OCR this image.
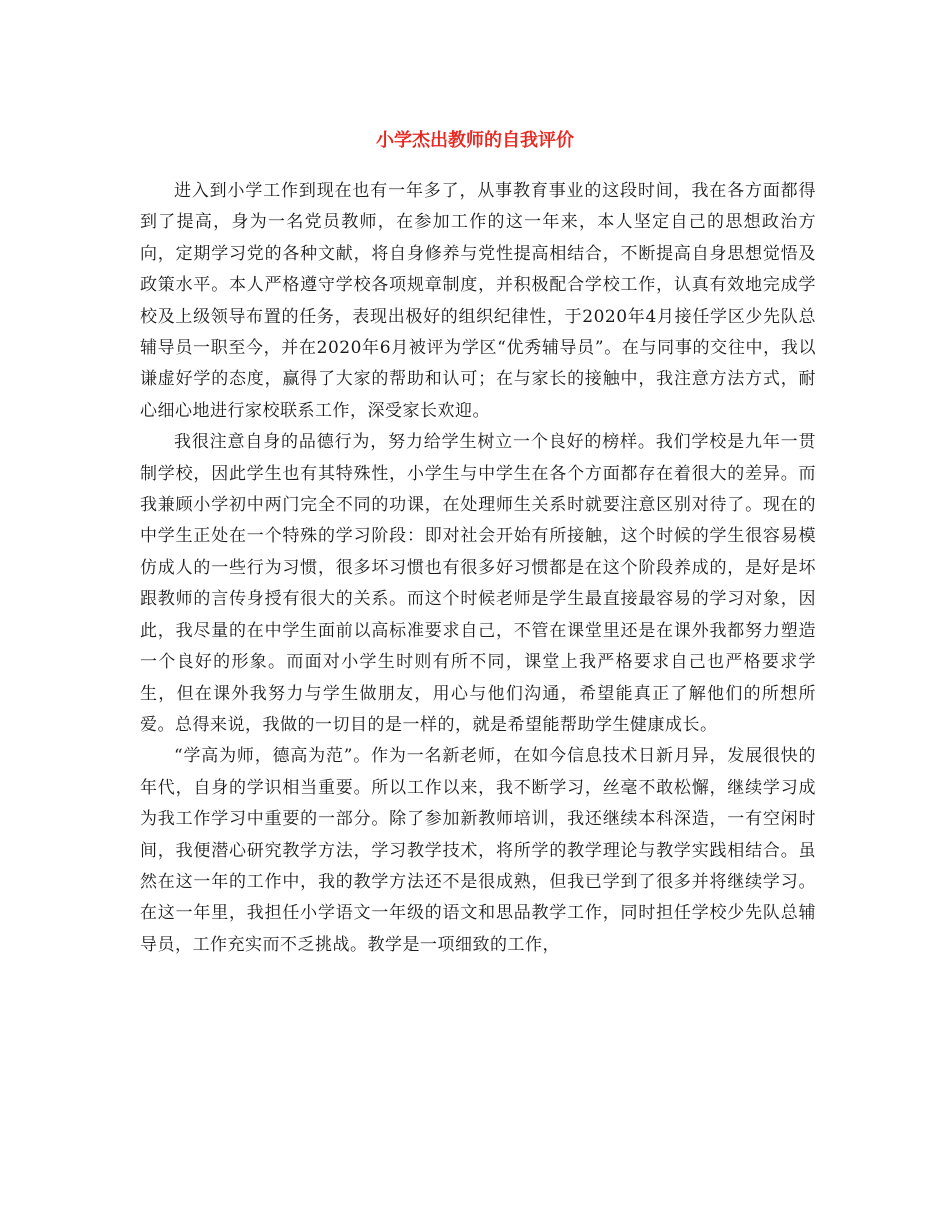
小学杰出教师的自我评价

进入到小学工作到现在也有一年多了，从事教育事业的这段时间，我在各方面都得到了提高，身为一名党员教师，在参加工作的这一年来，本人坚定自己的思想政治方向，定期学习党的各种文献，将自身修养与党性提高相结合，不断提高自身思想觉悟及政策水平。本人严格遵守学校各项规章制度，并积极配合学校工作，认真有效地完成学校及上级领导布置的任务，表现出极好的组织纪律性，于2020年4月接任学区少先队总辅导员一职至今，并在2020年6月被评为学区“优秀辅导员”。在与同事的交往中，我以谦虚好学的态度，赢得了大家的帮助和认可；在与家长的接触中，我注意方法方式，耐心细心地进行家校联系工作，深受家长欢迎。

我很注意自身的品德行为，努力给学生树立一个良好的榜样。我们学校是九年一贯制学校，因此学生也有其特殊性，小学生与中学生在各个方面都存在着很大的差异。而我兼顾小学初中两门完全不同的功课，在处理师生关系时就要注意区别对待了。现在的中学生正处在一个特殊的学习阶段：即对社会开始有所接触，这个时候的学生很容易模仿成人的一些行为习惯，很多坏习惯也有很多好习惯都是在这个阶段养成的，是好是坏跟教师的言传身授有很大的关系。而这个时候老师是学生最直接最容易的学习对象，因此，我尽量的在中学生面前以高标准要求自己，不管在课堂里还是在课外我都努力塑造一个良好的形象。而面对小学生时则有所不同，课堂上我严格要求自己也严格要求学生，但在课外我努力与学生做朋友，用心与他们沟通，希望能真正了解他们的所想所爱。总得来说，我做的一切目的是一样的，就是希望能帮助学生健康成长。

“学高为师，德高为范”。作为一名新老师，在如今信息技术日新月异，发展很快的年代，自身的学识相当重要。所以工作以来，我不断学习，丝毫不敢松懈，继续学习成为我工作学习中重要的一部分。除了参加新教师培训，我还继续本科深造，一有空闲时间，我便潜心研究教学方法，学习教学技术，将所学的教学理论与教学实践相结合。虽然在这一年的工作中，我的教学方法还不是很成熟，但我已学到了很多并将继续学习。在这一年里，我担任小学语文一年级的语文和思品教学工作，同时担任学校少先队总辅导员，工作充实而不乏挑战。教学是一项细致的工作，
